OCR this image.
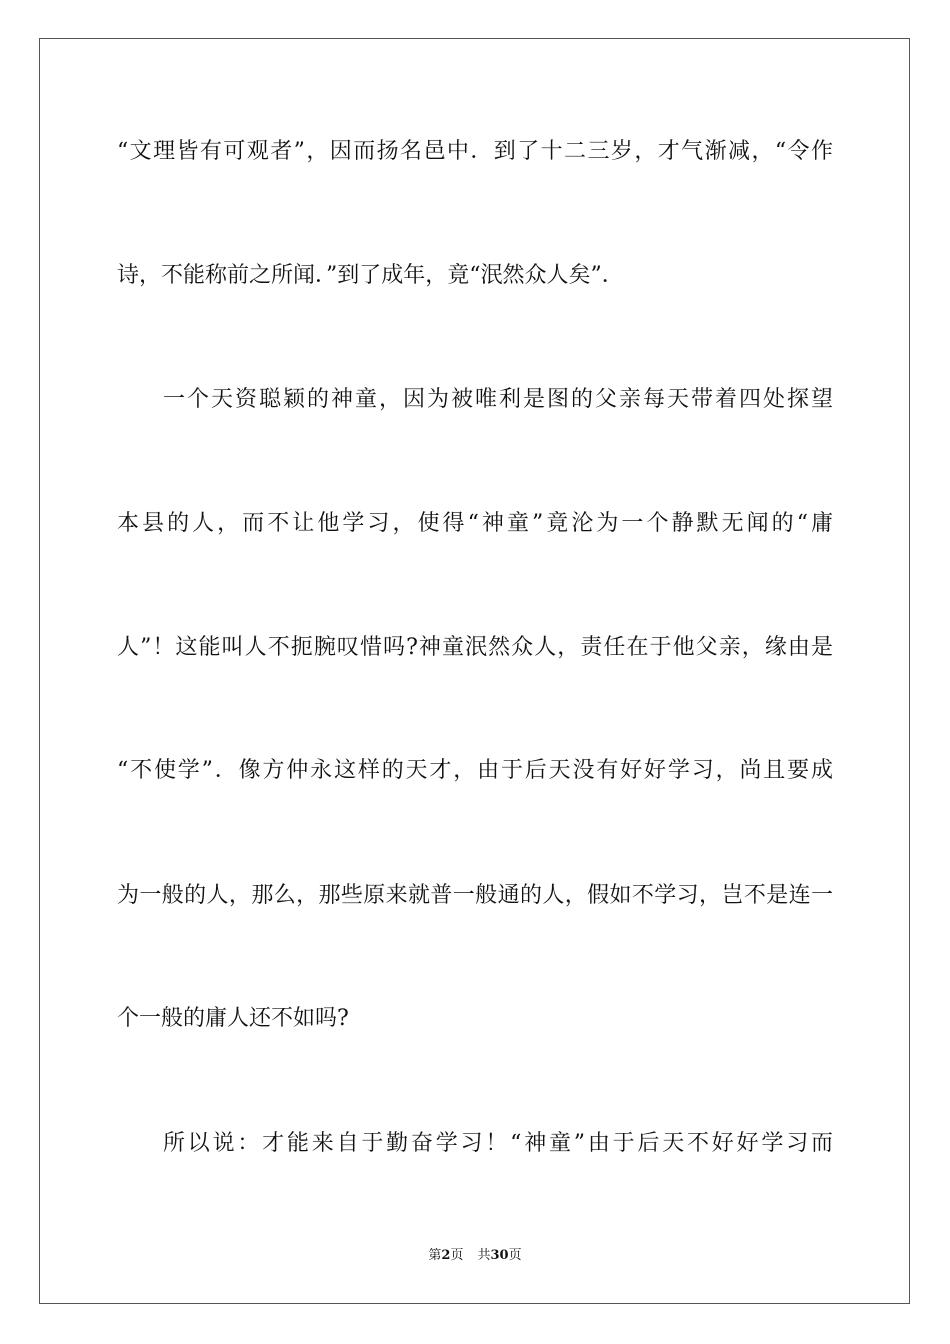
“文理皆有可观者”，因而扬名邑中．到了十二三岁，才气渐减，“令作
诗，不能称前之所闻．”到了成年，竟“泯然众人矣”．
一个天资聪颖的神童，因为被唯利是图的父亲每天带着四处探望
本县的人，而不让他学习，使得“神童”竟沦为一个静默无闻的“庸
人”！这能叫人不扼腕叹惜吗?神童泯然众人，责任在于他父亲，缘由是
“不使学”．像方仲永这样的天才，由于后天没有好好学习，尚且要成
为一般的人，那么，那些原来就普一般通的人，假如不学习，岂不是连一
个一般的庸人还不如吗?
所以说：才能来自于勤奋学习！“神童”由于后天不好好学习而
第2页 共30页
